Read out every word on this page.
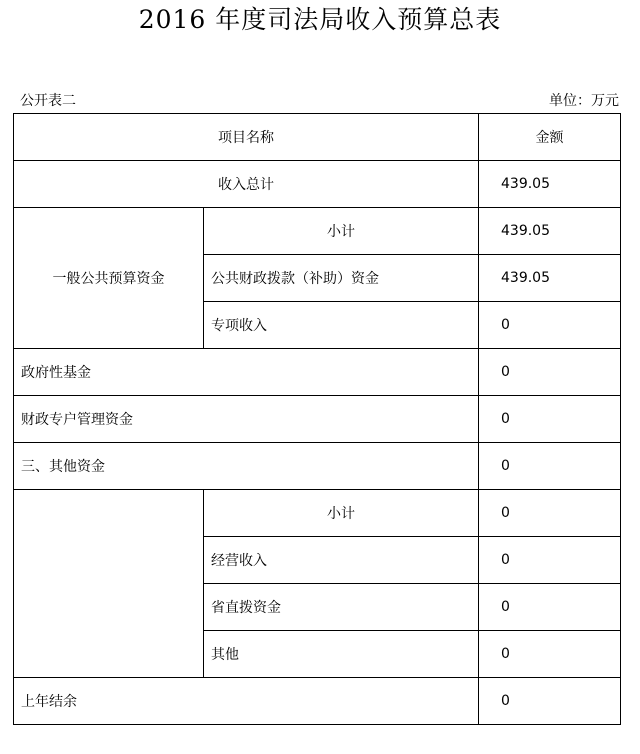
2016 年度司法局收入预算总表
公开表二	单位：万元
项目名称		金额
收入总计		439.05
一般公共预算资金	小计	439.05
	公共财政拨款（补助）资金	439.05
	专项收入	0
政府性基金		0
财政专户管理资金		0
三、其他资金		0
	小计	0
	经营收入	0
	省直拨资金	0
	其他	0
上年结余		0
